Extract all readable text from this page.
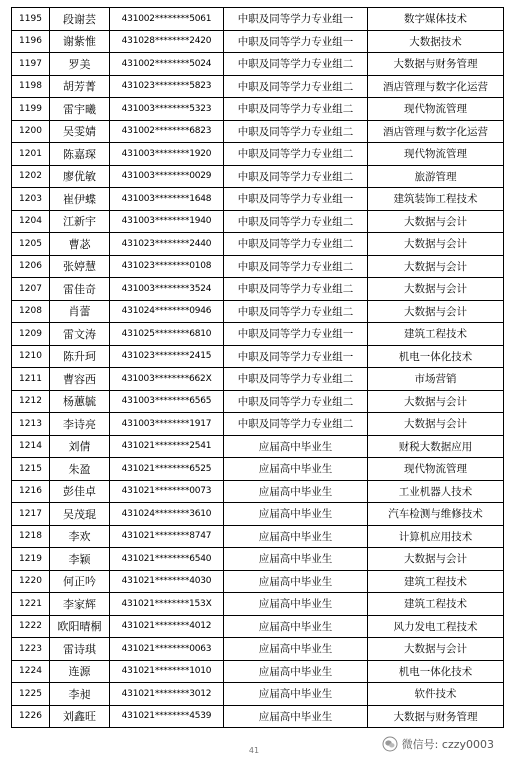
1195	段谢芸	431002********5061	中职及同等学力专业组一	数字媒体技术
1196	谢紫惟	431028********2420	中职及同等学力专业组一	大数据技术
1197	罗美	431002********5024	中职及同等学力专业组二	大数据与财务管理
1198	胡芳菁	431023********5823	中职及同等学力专业组二	酒店管理与数字化运营
1199	雷宇曦	431003********5323	中职及同等学力专业组二	现代物流管理
1200	吴雯婧	431002********6823	中职及同等学力专业组二	酒店管理与数字化运营
1201	陈嘉琛	431003********1920	中职及同等学力专业组二	现代物流管理
1202	廖优敏	431003********0029	中职及同等学力专业组二	旅游管理
1203	崔伊蝶	431003********1648	中职及同等学力专业组一	建筑装饰工程技术
1204	江新宇	431003********1940	中职及同等学力专业组二	大数据与会计
1205	曹苾	431023********2440	中职及同等学力专业组二	大数据与会计
1206	张婷慧	431023********0108	中职及同等学力专业组二	大数据与会计
1207	雷佳奇	431003********3524	中职及同等学力专业组二	大数据与会计
1208	肖蕾	431024********0946	中职及同等学力专业组二	大数据与会计
1209	雷文涛	431025********6810	中职及同等学力专业组一	建筑工程技术
1210	陈升珂	431023********2415	中职及同等学力专业组一	机电一体化技术
1211	曹容西	431003********662X	中职及同等学力专业组二	市场营销
1212	杨蕙毓	431003********6565	中职及同等学力专业组二	大数据与会计
1213	李诗亮	431003********1917	中职及同等学力专业组二	大数据与会计
1214	刘倩	431021********2541	应届高中毕业生	财税大数据应用
1215	朱盈	431021********6525	应届高中毕业生	现代物流管理
1216	彭佳卓	431021********0073	应届高中毕业生	工业机器人技术
1217	吴茂琨	431024********3610	应届高中毕业生	汽车检测与维修技术
1218	李欢	431021********8747	应届高中毕业生	计算机应用技术
1219	李颖	431021********6540	应届高中毕业生	大数据与会计
1220	何正吟	431021********4030	应届高中毕业生	建筑工程技术
1221	李家辉	431021********153X	应届高中毕业生	建筑工程技术
1222	欧阳晴桐	431021********4012	应届高中毕业生	风力发电工程技术
1223	雷诗琪	431021********0063	应届高中毕业生	大数据与会计
1224	连源	431021********1010	应届高中毕业生	机电一体化技术
1225	李昶	431021********3012	应届高中毕业生	软件技术
1226	刘鑫旺	431021********4539	应届高中毕业生	大数据与财务管理
41	微信号: czzy0003
